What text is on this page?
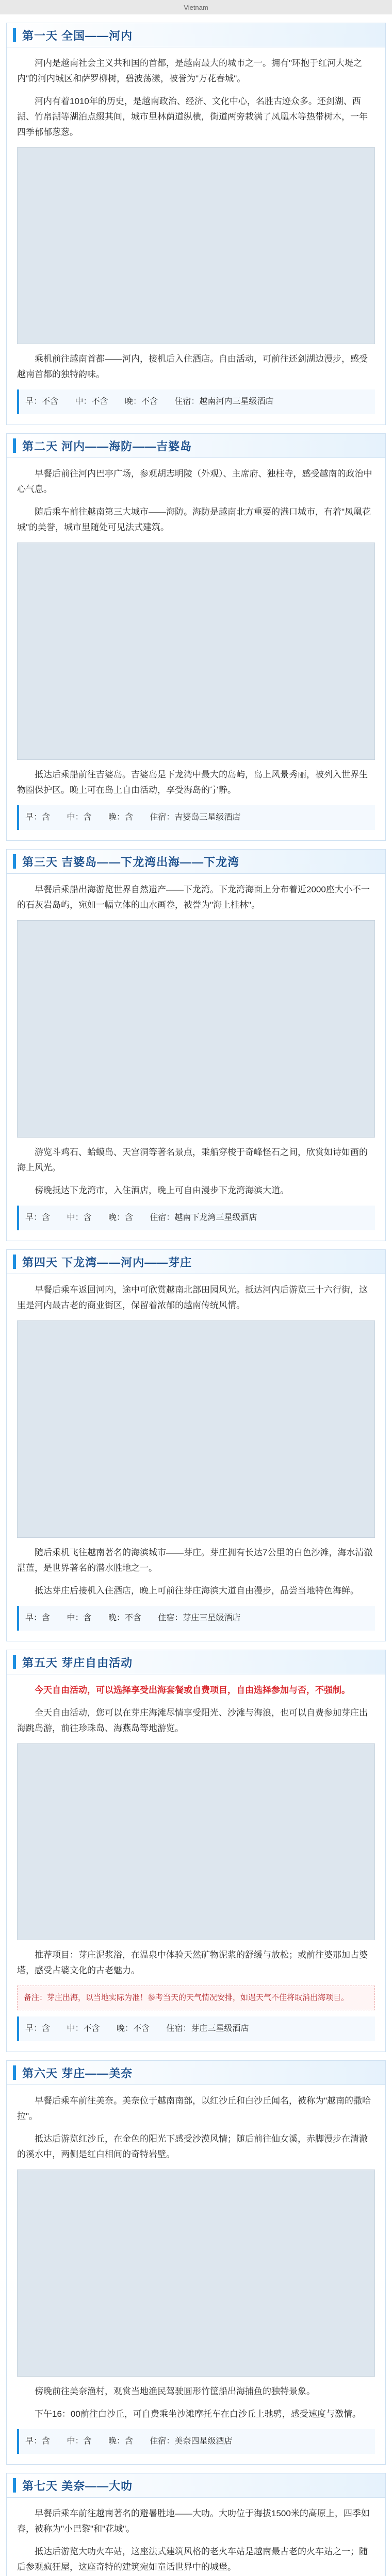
Vietnam
第一天 全国——河内

河内是越南社会主义共和国的首都，是越南最大的城市之一。拥有"环抱于红河大堤之内"的河内城区和萨罗柳树，碧波荡漾，被誉为"万花春城"。

河内有着1010年的历史，是越南政治、经济、文化中心，名胜古迹众多。还剑湖、西湖、竹帛湖等湖泊点缀其间，城市里林荫道纵横，街道两旁栽满了凤凰木等热带树木，一年四季郁郁葱葱。

乘机前往越南首都——河内，接机后入住酒店。自由活动，可前往还剑湖边漫步，感受越南首都的独特韵味。

早：不含 中：不含 晚：不含 住宿：越南河内三星级酒店
第二天 河内——海防——吉婆岛

早餐后前往河内巴亭广场，参观胡志明陵（外观）、主席府、独柱寺，感受越南的政治中心气息。

随后乘车前往越南第三大城市——海防。海防是越南北方重要的港口城市，有着"凤凰花城"的美誉，城市里随处可见法式建筑。

抵达后乘船前往吉婆岛。吉婆岛是下龙湾中最大的岛屿，岛上风景秀丽，被列入世界生物圈保护区。晚上可在岛上自由活动，享受海岛的宁静。

早：含 中：含 晚：含 住宿：吉婆岛三星级酒店
第三天 吉婆岛——下龙湾出海——下龙湾

早餐后乘船出海游览世界自然遗产——下龙湾。下龙湾海面上分布着近2000座大小不一的石灰岩岛屿，宛如一幅立体的山水画卷，被誉为"海上桂林"。

游览斗鸡石、蛤蟆岛、天宫洞等著名景点，乘船穿梭于奇峰怪石之间，欣赏如诗如画的海上风光。

傍晚抵达下龙湾市，入住酒店，晚上可自由漫步下龙湾海滨大道。

早：含 中：含 晚：含 住宿：越南下龙湾三星级酒店
第四天 下龙湾——河内——芽庄

早餐后乘车返回河内，途中可欣赏越南北部田园风光。抵达河内后游览三十六行街，这里是河内最古老的商业街区，保留着浓郁的越南传统风情。

随后乘机飞往越南著名的海滨城市——芽庄。芽庄拥有长达7公里的白色沙滩，海水清澈湛蓝，是世界著名的潜水胜地之一。

抵达芽庄后接机入住酒店，晚上可前往芽庄海滨大道自由漫步，品尝当地特色海鲜。

早：含 中：含 晚：不含 住宿：芽庄三星级酒店
第五天 芽庄自由活动

今天自由活动，可以选择享受出海套餐或自费项目，自由选择参加与否，不强制。

全天自由活动，您可以在芽庄海滩尽情享受阳光、沙滩与海浪，也可以自费参加芽庄出海跳岛游，前往珍珠岛、海燕岛等地游览。

推荐项目：芽庄泥浆浴，在温泉中体验天然矿物泥浆的舒缓与放松；或前往婆那加占婆塔，感受占婆文化的古老魅力。

备注：芽庄出海，以当地实际为准！参考当天的天气情况安排，如遇天气不佳将取消出海项目。
早：含 中：不含 晚：不含 住宿：芽庄三星级酒店
第六天 芽庄——美奈

早餐后乘车前往美奈。美奈位于越南南部，以红沙丘和白沙丘闻名，被称为"越南的撒哈拉"。

抵达后游览红沙丘，在金色的阳光下感受沙漠风情；随后前往仙女溪，赤脚漫步在清澈的溪水中，两侧是红白相间的奇特岩壁。

傍晚前往美奈渔村，观赏当地渔民驾驶圆形竹筐船出海捕鱼的独特景象。

下午16：00前往白沙丘，可自费乘坐沙滩摩托车在白沙丘上驰骋，感受速度与激情。

早：含 中：含 晚：含 住宿：美奈四星级酒店
第七天 美奈——大叻

早餐后乘车前往越南著名的避暑胜地——大叻。大叻位于海拔1500米的高原上，四季如春，被称为"小巴黎"和"花城"。

抵达后游览大叻火车站，这座法式建筑风格的老火车站是越南最古老的火车站之一；随后参观疯狂屋，这座奇特的建筑宛如童话世界中的城堡。
